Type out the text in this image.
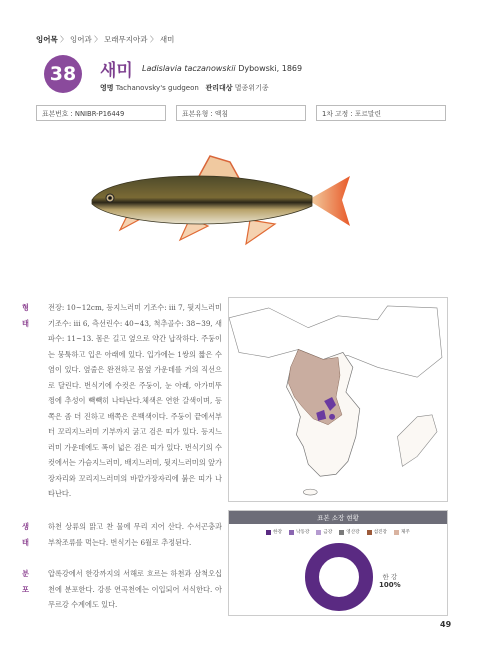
잉어목 〉 잉어과 〉 모래무지아과 〉 새미
38 새미 Ladislavia taczanowskii Dybowski, 1869
영명 Tachanovsky's gudgeon 관리대상 멸종위기종
표본번호 : NNIBR-P16449	표본유형 : 액침	1차 고정 : 포르말린
형태
전장: 10~12cm, 등지느러미 기조수: iii 7, 뒷지느러미 기조수: iii 6, 측선린수: 40~43, 척추골수: 38~39, 새파수: 11~13. 몸은 길고 옆으로 약간 납작하다. 주둥이는 뭉툭하고 입은 아래에 있다. 입가에는 1쌍의 짧은 수염이 있다. 옆줄은 완전하고 몸옆 가운데를 거의 직선으로 달린다. 번식기에 수컷은 주둥이, 눈 아래, 아가미뚜껑에 추성이 빽빽히 나타난다.체색은 연한 갈색이며, 등쪽은 좀 더 진하고 배쪽은 은백색이다. 주둥이 끝에서부터 꼬리지느러미 기부까지 굵고 검은 띠가 있다. 등지느러미 가운데에도 폭이 넓은 검은 띠가 있다. 번식기의 수컷에서는 가슴지느러미, 배지느러미, 뒷지느러미의 앞가장자리와 꼬리지느러미의 바깥가장자리에 붉은 띠가 나타난다.
생태
하천 상류의 맑고 찬 물에 무리 지어 산다. 수서곤충과 부착조류를 먹는다. 번식기는 6월로 추정된다.
분포
압록강에서 한강까지의 서해로 흐르는 하천과 삼척오십천에 분포한다. 강릉 연곡천에는 이입되어 서식한다. 아무르강 수계에도 있다.
표본 소장 현황
한강	낙동강	금강	영산강	섬진강	제주
한 강
100%
49
